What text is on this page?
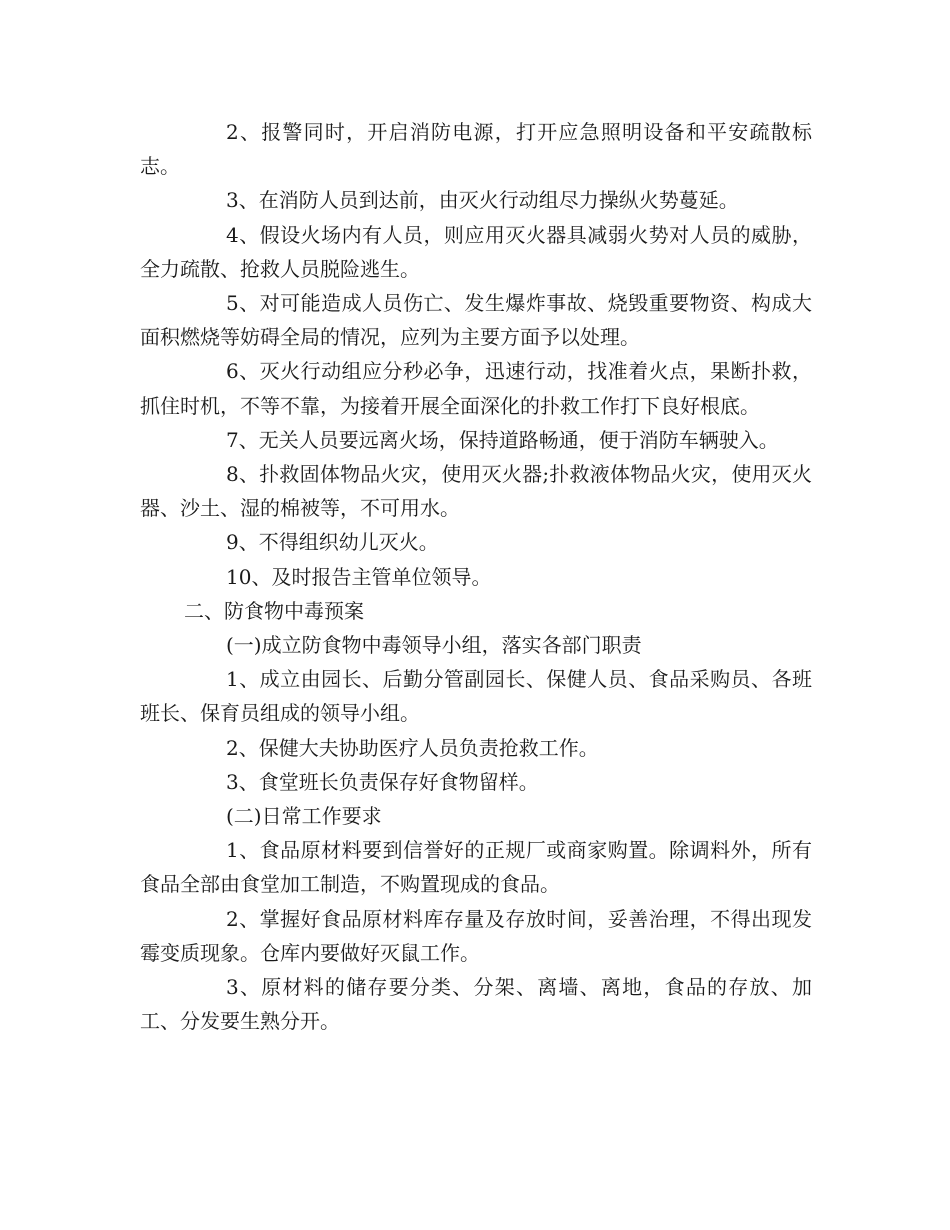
2、报警同时，开启消防电源，打开应急照明设备和平安疏散标志。

3、在消防人员到达前，由灭火行动组尽力操纵火势蔓延。

4、假设火场内有人员，则应用灭火器具减弱火势对人员的威胁，全力疏散、抢救人员脱险逃生。

5、对可能造成人员伤亡、发生爆炸事故、烧毁重要物资、构成大面积燃烧等妨碍全局的情况，应列为主要方面予以处理。

6、灭火行动组应分秒必争，迅速行动，找准着火点，果断扑救，抓住时机，不等不靠，为接着开展全面深化的扑救工作打下良好根底。

7、无关人员要远离火场，保持道路畅通，便于消防车辆驶入。

8、扑救固体物品火灾，使用灭火器;扑救液体物品火灾，使用灭火器、沙土、湿的棉被等，不可用水。

9、不得组织幼儿灭火。

10、及时报告主管单位领导。

二、防食物中毒预案

(一)成立防食物中毒领导小组，落实各部门职责

1、成立由园长、后勤分管副园长、保健人员、食品采购员、各班班长、保育员组成的领导小组。

2、保健大夫协助医疗人员负责抢救工作。

3、食堂班长负责保存好食物留样。

(二)日常工作要求

1、食品原材料要到信誉好的正规厂或商家购置。除调料外，所有食品全部由食堂加工制造，不购置现成的食品。

2、掌握好食品原材料库存量及存放时间，妥善治理，不得出现发霉变质现象。仓库内要做好灭鼠工作。

3、原材料的储存要分类、分架、离墙、离地，食品的存放、加工、分发要生熟分开。
